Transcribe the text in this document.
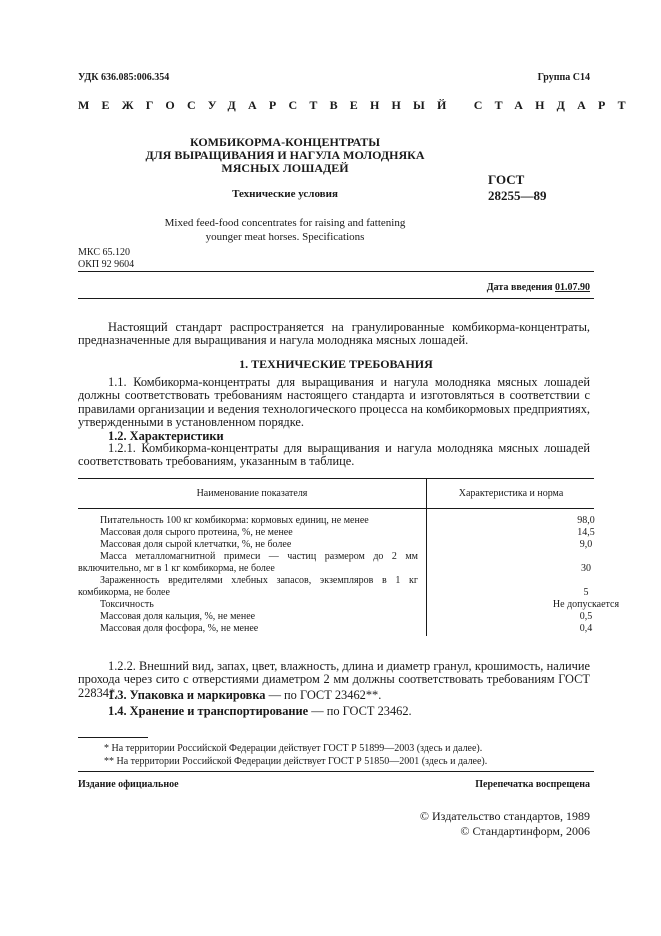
УДК 636.085:006.354	Группа С14
МЕЖГОСУДАРСТВЕННЫЙ СТАНДАРТ
КОМБИКОРМА-КОНЦЕНТРАТЫ
ДЛЯ ВЫРАЩИВАНИЯ И НАГУЛА МОЛОДНЯКА
МЯСНЫХ ЛОШАДЕЙ
Технические условия
ГОСТ
28255—89
Mixed feed-food concentrates for raising and fattening
younger meat horses. Specifications
МКС 65.120
ОКП 92 9604
Дата введения 01.07.90
Настоящий стандарт распространяется на гранулированные комбикорма-концентраты, предназначенные для выращивания и нагула молодняка мясных лошадей.
1. ТЕХНИЧЕСКИЕ ТРЕБОВАНИЯ
1.1. Комбикорма-концентраты для выращивания и нагула молодняка мясных лошадей должны соответствовать требованиям настоящего стандарта и изготовляться в соответствии с правилами организации и ведения технологического процесса на комбикормовых предприятиях, утвержденными в установленном порядке.
1.2. Характеристики
1.2.1. Комбикорма-концентраты для выращивания и нагула молодняка мясных лошадей соответствовать требованиям, указанным в таблице.
Наименование показателя	Характеристика и норма
Питательность 100 кг комбикорма: кормовых единиц, не менее	98,0
Массовая доля сырого протеина, %, не менее	14,5
Массовая доля сырой клетчатки, %, не более	9,0
Масса металломагнитной примеси — частиц размером до 2 мм включительно, мг в 1 кг комбикорма, не более	30
Зараженность вредителями хлебных запасов, экземпляров в 1 кг комбикорма, не более	5
Токсичность	Не допускается
Массовая доля кальция, %, не менее	0,5
Массовая доля фосфора, %, не менее	0,4
1.2.2. Внешний вид, запах, цвет, влажность, длина и диаметр гранул, крошимость, наличие прохода через сито с отверстиями диаметром 2 мм должны соответствовать требованиям ГОСТ 22834*.
1.3. Упаковка и маркировка — по ГОСТ 23462**.
1.4. Хранение и транспортирование — по ГОСТ 23462.
* На территории Российской Федерации действует ГОСТ Р 51899—2003 (здесь и далее).
** На территории Российской Федерации действует ГОСТ Р 51850—2001 (здесь и далее).
Издание официальное	Перепечатка воспрещена
© Издательство стандартов, 1989
© Стандартинформ, 2006
